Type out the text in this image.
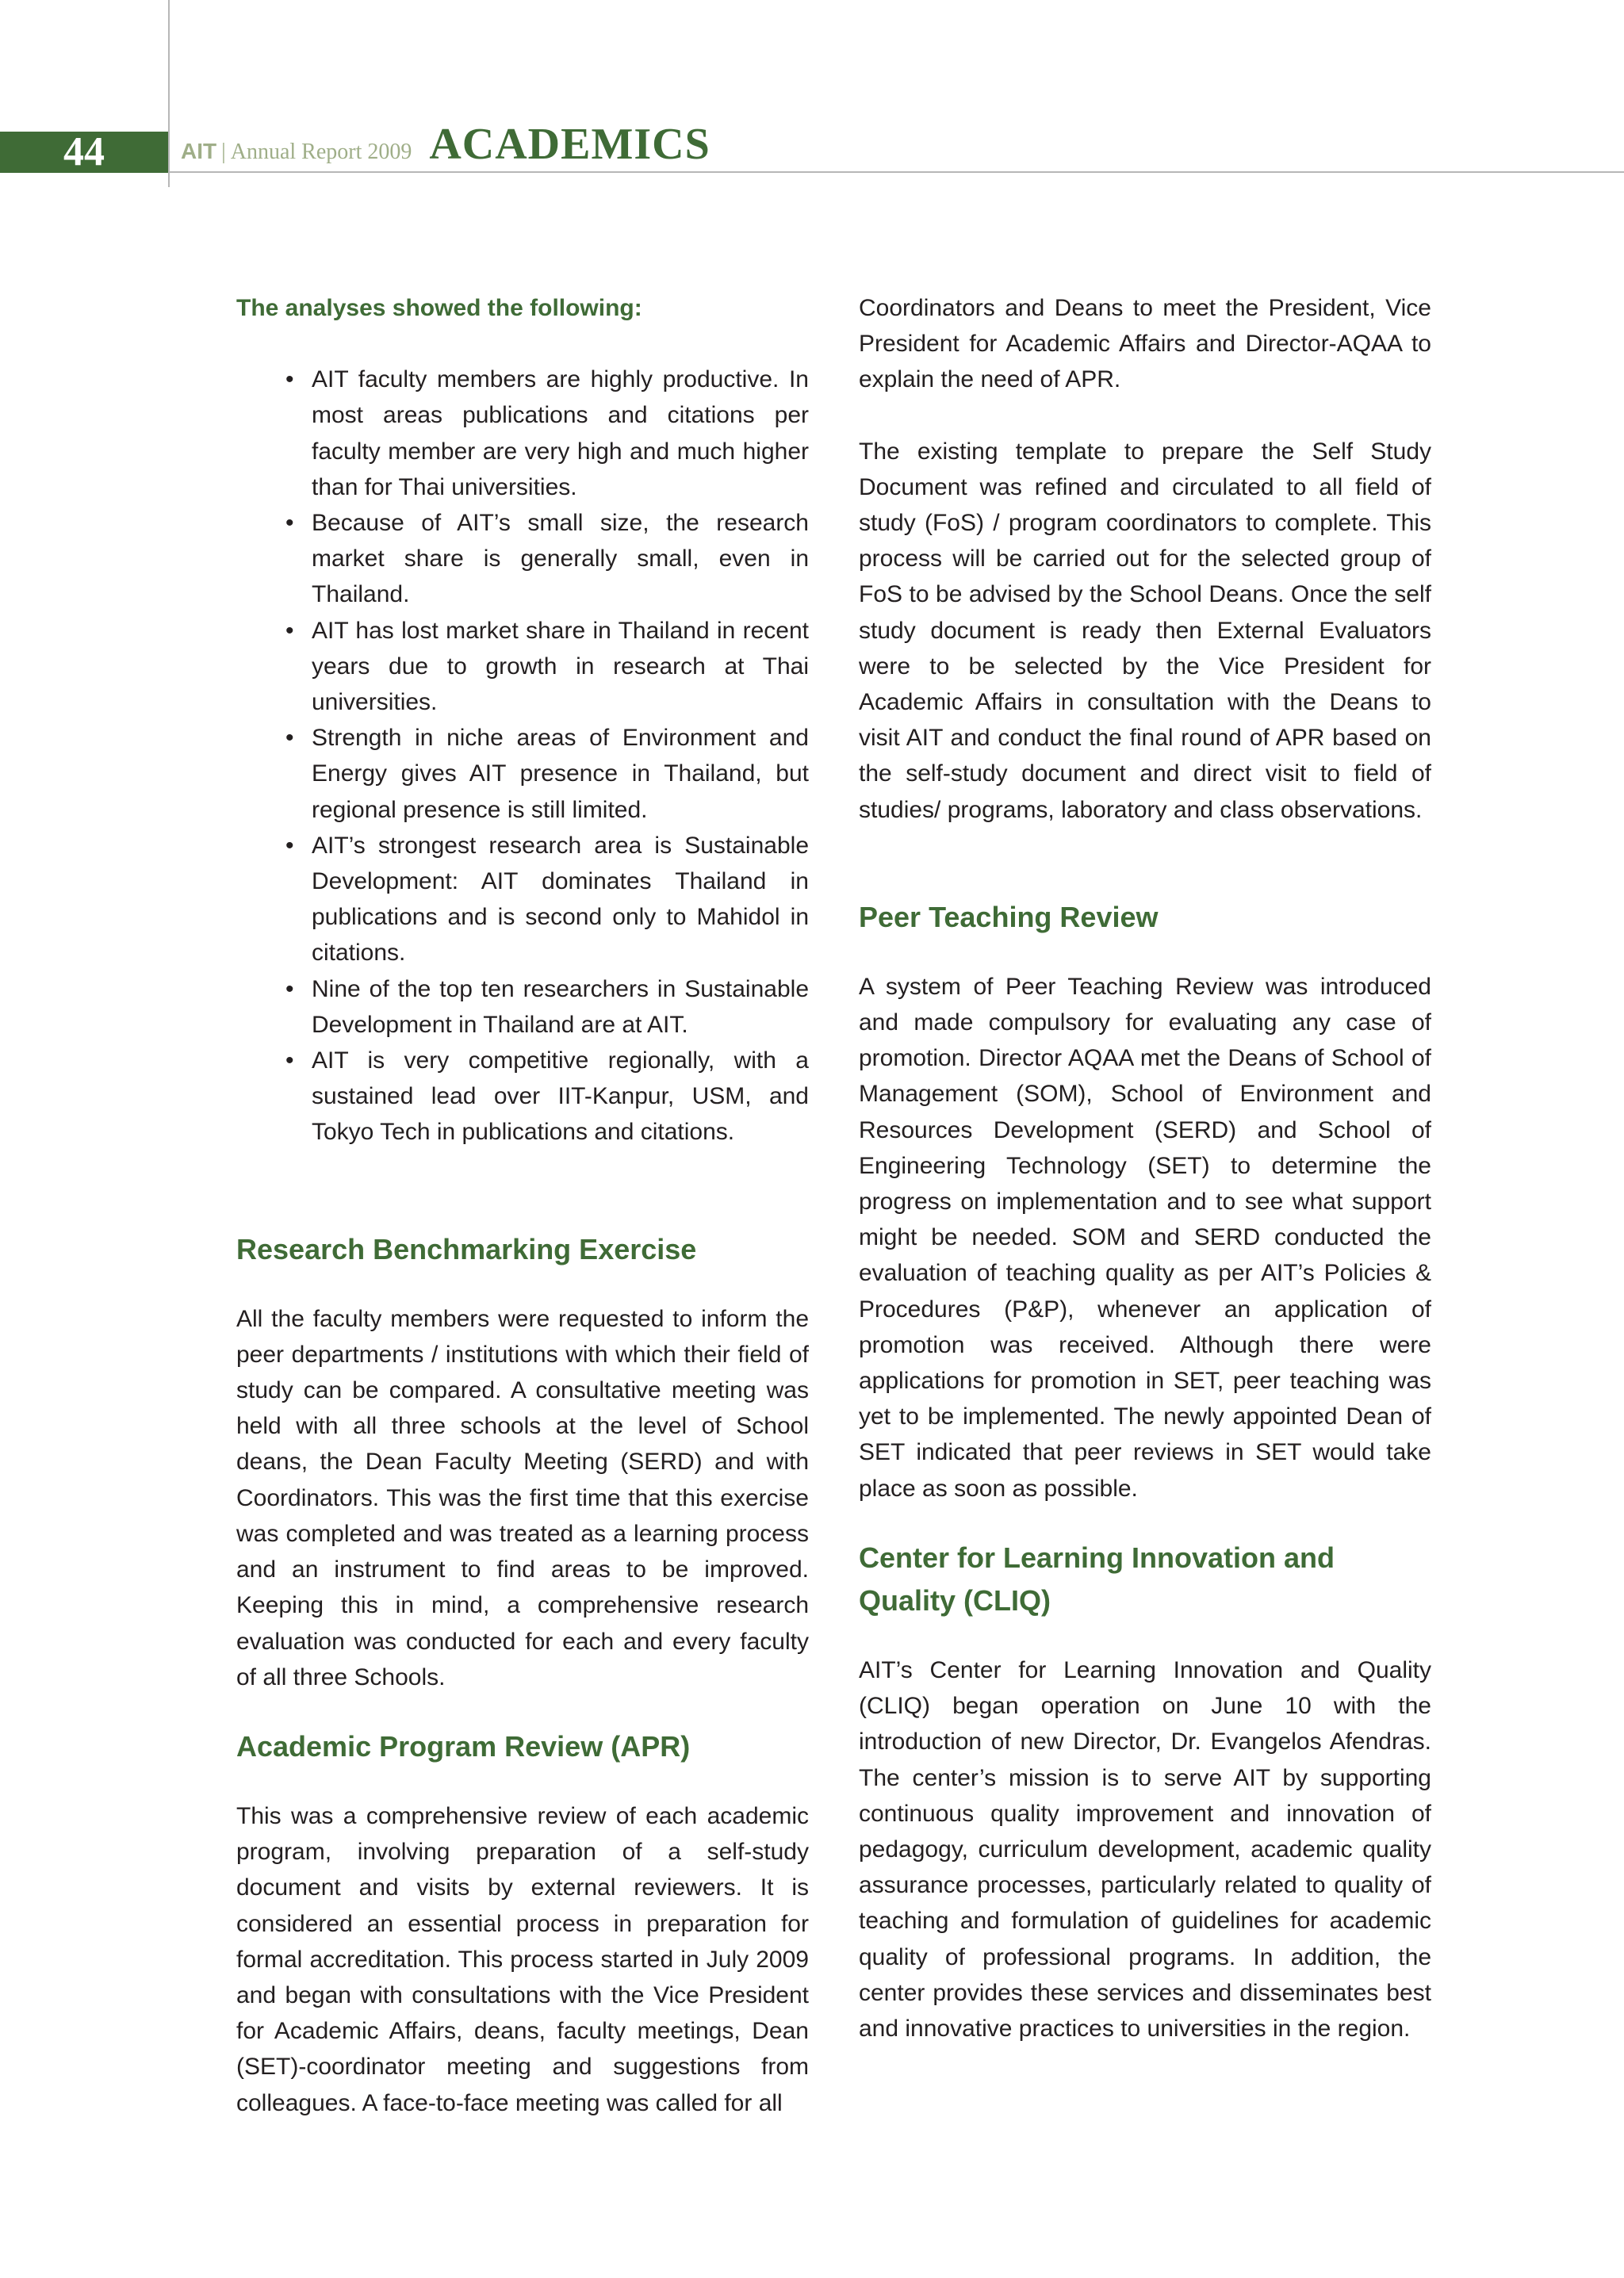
44	AIT | Annual Report 2009 ACADEMICS
The analyses showed the following:
• AIT faculty members are highly productive. In most areas publications and citations per faculty member are very high and much higher than for Thai universities.
• Because of AIT’s small size, the research market share is generally small, even in Thailand.
• AIT has lost market share in Thailand in recent years due to growth in research at Thai universities.
• Strength in niche areas of Environment and Energy gives AIT presence in Thailand, but regional presence is still limited.
• AIT’s strongest research area is Sustainable Development: AIT dominates Thailand in publications and is second only to Mahidol in citations.
• Nine of the top ten researchers in Sustainable Development in Thailand are at AIT.
• AIT is very competitive regionally, with a sustained lead over IIT-Kanpur, USM, and Tokyo Tech in publications and citations.
Research Benchmarking Exercise

All the faculty members were requested to inform the peer departments / institutions with which their field of study can be compared. A consultative meeting was held with all three schools at the level of School deans, the Dean Faculty Meeting (SERD) and with Coordinators. This was the first time that this exercise was completed and was treated as a learning process and an instrument to find areas to be improved. Keeping this in mind, a comprehensive research evaluation was conducted for each and every faculty of all three Schools.

Academic Program Review (APR)

This was a comprehensive review of each academic program, involving preparation of a self-study document and visits by external reviewers. It is considered an essential process in preparation for formal accreditation. This process started in July 2009 and began with consultations with the Vice President for Academic Affairs, deans, faculty meetings, Dean (SET)-coordinator meeting and suggestions from colleagues. A face-to-face meeting was called for all

Coordinators and Deans to meet the President, Vice President for Academic Affairs and Director-AQAA to explain the need of APR.

The existing template to prepare the Self Study Document was refined and circulated to all field of study (FoS) / program coordinators to complete. This process will be carried out for the selected group of FoS to be advised by the School Deans. Once the self study document is ready then External Evaluators were to be selected by the Vice President for Academic Affairs in consultation with the Deans to visit AIT and conduct the final round of APR based on the self-study document and direct visit to field of studies/ programs, laboratory and class observations.

Peer Teaching Review

A system of Peer Teaching Review was introduced and made compulsory for evaluating any case of promotion. Director AQAA met the Deans of School of Management (SOM), School of Environment and Resources Development (SERD) and School of Engineering Technology (SET) to determine the progress on implementation and to see what support might be needed. SOM and SERD conducted the evaluation of teaching quality as per AIT’s Policies & Procedures (P&P), whenever an application of promotion was received. Although there were applications for promotion in SET, peer teaching was yet to be implemented. The newly appointed Dean of SET indicated that peer reviews in SET would take place as soon as possible.

Center for Learning Innovation and Quality (CLIQ)

AIT’s Center for Learning Innovation and Quality (CLIQ) began operation on June 10 with the introduction of new Director, Dr. Evangelos Afendras. The center’s mission is to serve AIT by supporting continuous quality improvement and innovation of pedagogy, curriculum development, academic quality assurance processes, particularly related to quality of teaching and formulation of guidelines for academic quality of professional programs. In addition, the center provides these services and disseminates best and innovative practices to universities in the region.
